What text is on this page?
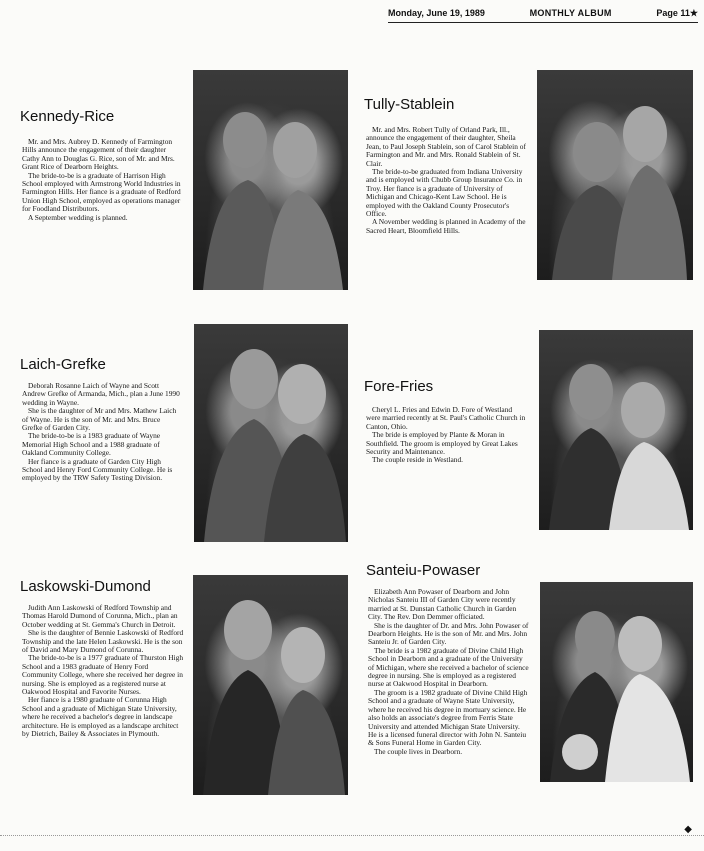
Monday, June 19, 1989	MONTHLY ALBUM	Page 11★
Kennedy-Rice

Mr. and Mrs. Aubrey D. Kennedy of Farmington Hills announce the engagement of their daughter Cathy Ann to Douglas G. Rice, son of Mr. and Mrs. Grant Rice of Dearborn Heights.

The bride-to-be is a graduate of Harrison High School employed with Armstrong World Industries in Farmington Hills. Her fiance is a graduate of Redford Union High School, employed as operations manager for Foodland Distributors.

A September wedding is planned.

Tully-Stablein

Mr. and Mrs. Robert Tully of Orland Park, Ill., announce the engagement of their daughter, Sheila Jean, to Paul Joseph Stablein, son of Carol Stablein of Farmington and Mr. and Mrs. Ronald Stablein of St. Clair.

The bride-to-be graduated from Indiana University and is employed with Chubb Group Insurance Co. in Troy. Her fiance is a graduate of University of Michigan and Chicago-Kent Law School. He is employed with the Oakland County Prosecutor's Office.

A November wedding is planned in Academy of the Sacred Heart, Bloomfield Hills.

Laich-Grefke

Deborah Rosanne Laich of Wayne and Scott Andrew Grefke of Armanda, Mich., plan a June 1990 wedding in Wayne.

She is the daughter of Mr and Mrs. Mathew Laich of Wayne. He is the son of Mr. and Mrs. Bruce Grefke of Garden City.

The bride-to-be is a 1983 graduate of Wayne Memorial High School and a 1988 graduate of Oakland Community College.

Her fiance is a graduate of Garden City High School and Henry Ford Community College. He is employed by the TRW Safety Testing Division.

Fore-Fries

Cheryl L. Fries and Edwin D. Fore of Westland were married recently at St. Paul's Catholic Church in Canton, Ohio.

The bride is employed by Plante & Moran in Southfield. The groom is employed by Great Lakes Security and Maintenance.

The couple reside in Westland.

Laskowski-Dumond

Judith Ann Laskowski of Redford Township and Thomas Harold Dumond of Corunna, Mich., plan an October wedding at St. Gemma's Church in Detroit.

She is the daughter of Bennie Laskowski of Redford Township and the late Helen Laskowski. He is the son of David and Mary Dumond of Corunna.

The bride-to-be is a 1977 graduate of Thurston High School and a 1983 graduate of Henry Ford Community College, where she received her degree in nursing. She is employed as a registered nurse at Oakwood Hospital and Favorite Nurses.

Her fiance is a 1980 graduate of Corunna High School and a graduate of Michigan State University, where he received a bachelor's degree in landscape architecture. He is employed as a landscape architect by Dietrich, Bailey & Associates in Plymouth.

Santeiu-Powaser

Elizabeth Ann Powaser of Dearborn and John Nicholas Santeiu III of Garden City were recently married at St. Dunstan Catholic Church in Garden City. The Rev. Don Demmer officiated.

She is the daughter of Dr. and Mrs. John Powaser of Dearborn Heights. He is the son of Mr. and Mrs. John Santeiu Jr. of Garden City.

The bride is a 1982 graduate of Divine Child High School in Dearborn and a graduate of the University of Michigan, where she received a bachelor of science degree in nursing. She is employed as a registered nurse at Oakwood Hospital in Dearborn.

The groom is a 1982 graduate of Divine Child High School and a graduate of Wayne State University, where he received his degree in mortuary science. He also holds an associate's degree from Ferris State University and attended Michigan State University. He is a licensed funeral director with John N. Santeiu & Sons Funeral Home in Garden City.

The couple lives in Dearborn.

◆
